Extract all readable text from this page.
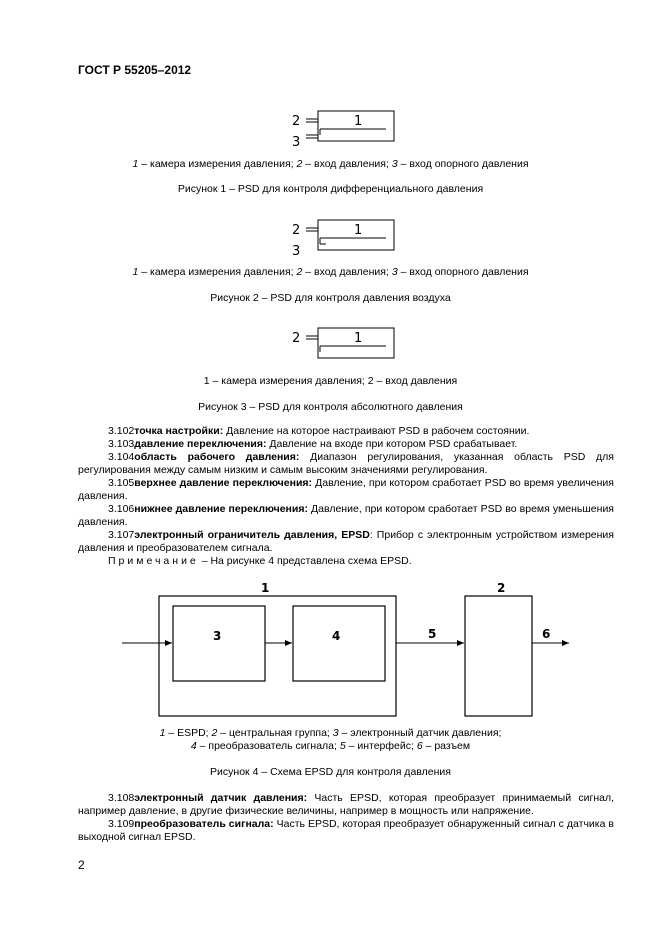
ГОСТ Р 55205–2012
1
2
3
1 – камера измерения давления; 2 – вход давления; 3 – вход опорного давления
Рисунок 1 – PSD для контроля дифференциального давления
1
2
3
1 – камера измерения давления; 2 – вход давления; 3 – вход опорного давления
Рисунок 2 – PSD для контроля давления воздуха
1
2
1 – камера измерения давления; 2 – вход давления
Рисунок 3 – PSD для контроля абсолютного давления
3.102точка настройки: Давление на которое настраивают PSD в рабочем состоянии.
3.103давление переключения: Давление на входе при котором PSD срабатывает.
3.104область рабочего давления: Диапазон регулирования, указанная область PSD для регулирования между самым низким и самым высоким значениями регулирования.
3.105верхнее давление переключения: Давление, при котором сработает PSD во время увеличения давления.
3.106нижнее давление переключения: Давление, при котором сработает PSD во время уменьшения давления.
3.107электронный ограничитель давления, EPSD: Прибор с электронным устройством измерения давления и преобразователем сигнала.
Примечание – На рисунке 4 представлена схема EPSD.
1	2
3	4	5	6
1 – ESPD; 2 – центральная группа; 3 – электронный датчик давления;
4 – преобразователь сигнала; 5 – интерфейс; 6 – разъем
Рисунок 4 – Схема EPSD для контроля давления
3.108электронный датчик давления: Часть EPSD, которая преобразует принимаемый сигнал, например давление, в другие физические величины, например в мощность или напряжение.
3.109преобразователь сигнала: Часть EPSD, которая преобразует обнаруженный сигнал с датчика в выходной сигнал EPSD.
2
